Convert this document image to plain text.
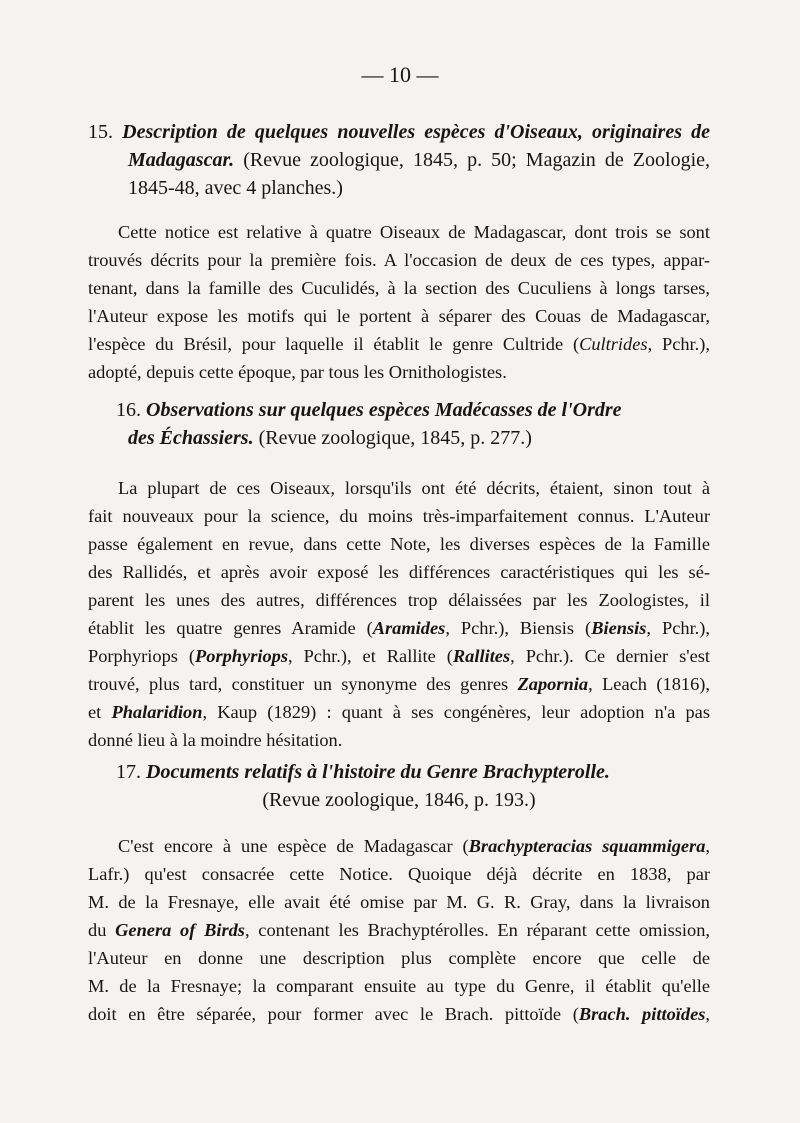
— 10 —
15. Description de quelques nouvelles espèces d'Oiseaux, originaires de
Madagascar. (Revue zoologique, 1845, p. 50; Magazin de Zoologie,
1845-48, avec 4 planches.)
Cette notice est relative à quatre Oiseaux de Madagascar, dont trois se sont
trouvés décrits pour la première fois. A l'occasion de deux de ces types, appar-
tenant, dans la famille des Cuculidés, à la section des Cuculiens à longs tarses,
l'Auteur expose les motifs qui le portent à séparer des Couas de Madagascar,
l'espèce du Brésil, pour laquelle il établit le genre Cultride (Cultrides, Pchr.),
adopté, depuis cette époque, par tous les Ornithologistes.
16. Observations sur quelques espèces Madécasses de l'Ordre
des Échassiers. (Revue zoologique, 1845, p. 277.)
La plupart de ces Oiseaux, lorsqu'ils ont été décrits, étaient, sinon tout à
fait nouveaux pour la science, du moins très-imparfaitement connus. L'Auteur
passe également en revue, dans cette Note, les diverses espèces de la Famille
des Rallidés, et après avoir exposé les différences caractéristiques qui les sé-
parent les unes des autres, différences trop délaissées par les Zoologistes, il
établit les quatre genres Aramide (Aramides, Pchr.), Biensis (Biensis, Pchr.),
Porphyriops (Porphyriops, Pchr.), et Rallite (Rallites, Pchr.). Ce dernier s'est
trouvé, plus tard, constituer un synonyme des genres Zapornia, Leach (1816),
et Phalaridion, Kaup (1829) : quant à ses congénères, leur adoption n'a pas
donné lieu à la moindre hésitation.
17. Documents relatifs à l'histoire du Genre Brachypterolle.
(Revue zoologique, 1846, p. 193.)
C'est encore à une espèce de Madagascar (Brachypteracias squammigera,
Lafr.) qu'est consacrée cette Notice. Quoique déjà décrite en 1838, par
M. de la Fresnaye, elle avait été omise par M. G. R. Gray, dans la livraison
du Genera of Birds, contenant les Brachyptérolles. En réparant cette omission,
l'Auteur en donne une description plus complète encore que celle de
M. de la Fresnaye; la comparant ensuite au type du Genre, il établit qu'elle
doit en être séparée, pour former avec le Brach. pittoïde (Brach. pittoïdes,
